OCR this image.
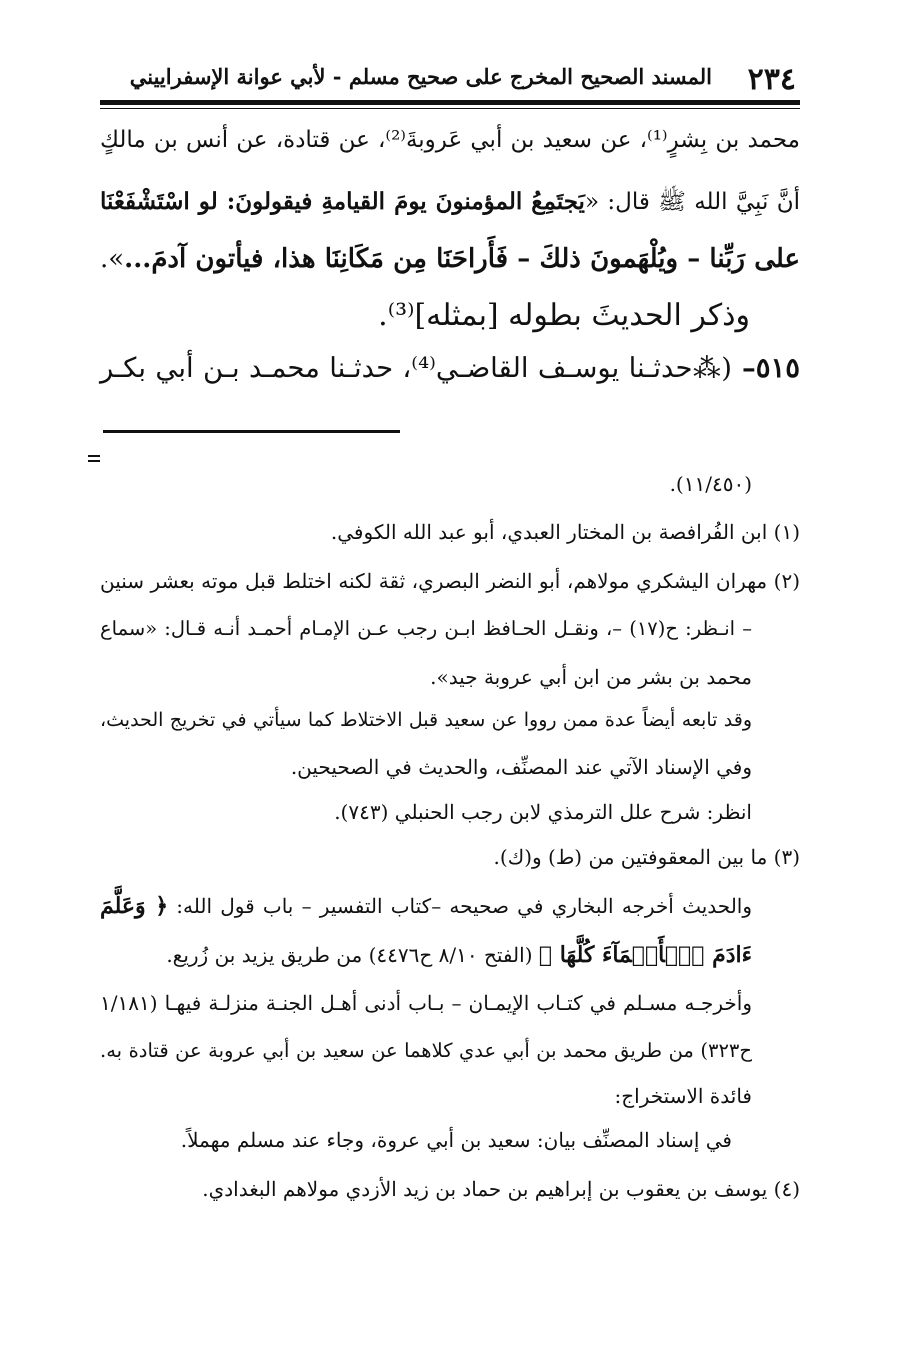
٢٣٤
المسند الصحيح المخرج على صحيح مسلم - لأبي عوانة الإسفراييني
محمد بن بِشرٍ⁽¹⁾، عن سعيد بن أبي عَروبةَ⁽²⁾، عن قتادة، عن أنس بن مالكٍ
أنَّ نَبِيَّ الله ﷺ قال: «يَجتَمِعُ المؤمنونَ يومَ القيامةِ فيقولونَ: لو اسْتَشْفَعْنَا
على رَبِّنا – ويُلْهَمونَ ذلكَ – فَأَراحَنَا مِن مَكَانِنَا هذا، فيأتون آدمَ...».
وذكر الحديثَ بطوله [بمثله]⁽³⁾.
٥١٥–(⁂حدثـنا يوسـف القاضـي⁽⁴⁾، حدثـنا محمـد بـن أبي بكـر
(١١/٤٥٠).
(١) ابن الفُرافصة بن المختار العبدي، أبو عبد الله الكوفي.
(٢) مهران اليشكري مولاهم، أبو النضر البصري، ثقة لكنه اختلط قبل موته بعشر سنين
– انـظر: ح(١٧) –، ونقـل الحـافظ ابـن رجب عـن الإمـام أحمـد أنـه قـال: «سماع
محمد بن بشر من ابن أبي عروبة جيد».
وقد تابعه أيضاً عدة ممن رووا عن سعيد قبل الاختلاط كما سيأتي في تخريج الحديث،
وفي الإسناد الآتي عند المصنِّف، والحديث في الصحيحين.
انظر: شرح علل الترمذي لابن رجب الحنبلي (٧٤٣).
(٣) ما بين المعقوفتين من (ط) و(ك).
والحديث أخرجه البخاري في صحيحه –كتاب التفسير – باب قول الله: ﴿ وَعَلَّمَ
ءَادَمَ ٱلۡأَسۡمَآءَ كُلَّهَا ﴾ (الفتح ٨/١٠ ح٤٤٧٦) من طريق يزيد بن زُريع.
وأخرجـه مسـلم في كتـاب الإيمـان – بـاب أدنى أهـل الجنـة منزلـة فيهـا (١/١٨١
ح٣٢٣) من طريق محمد بن أبي عدي كلاهما عن سعيد بن أبي عروبة عن قتادة به.
فائدة الاستخراج:
في إسناد المصنِّف بيان: سعيد بن أبي عروة، وجاء عند مسلم مهملاً.
(٤) يوسف بن يعقوب بن إبراهيم بن حماد بن زيد الأزدي مولاهم البغدادي.
